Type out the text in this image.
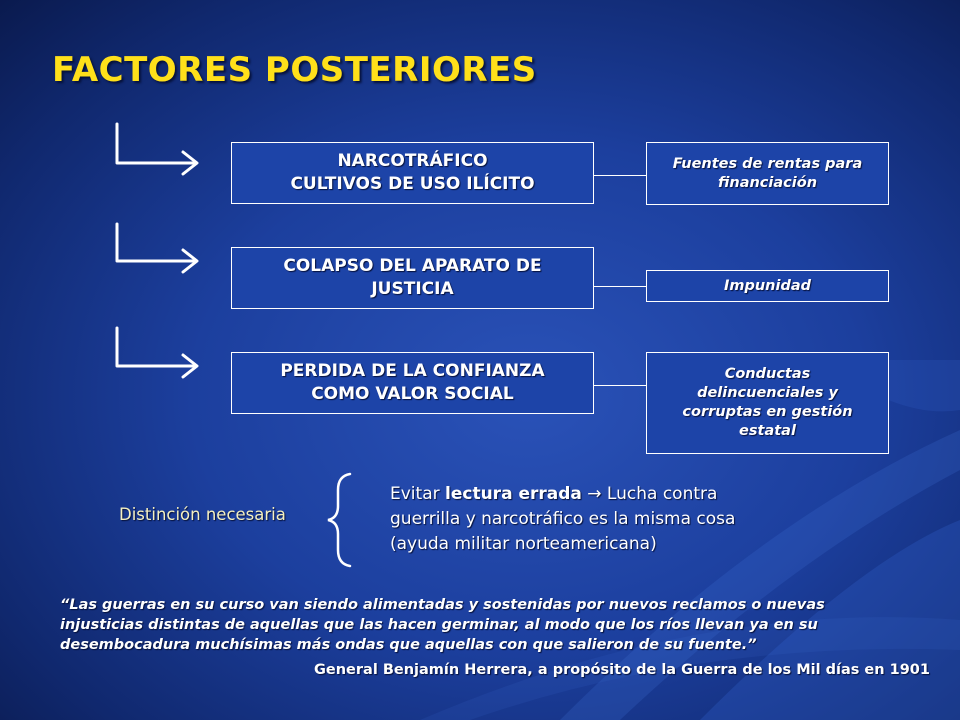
FACTORES POSTERIORES
NARCOTRÁFICO
CULTIVOS DE USO ILÍCITO
Fuentes de rentas para
financiación
COLAPSO DEL APARATO DE
JUSTICIA	Impunidad
PERDIDA DE LA CONFIANZA
COMO VALOR SOCIAL
Conductas
delincuenciales y
corruptas en gestión
estatal
Distinción necesaria
Evitar lectura errada → Lucha contra
guerrilla y narcotráfico es la misma cosa
(ayuda militar norteamericana)
“Las guerras en su curso van siendo alimentadas y sostenidas por nuevos reclamos o nuevas
injusticias distintas de aquellas que las hacen germinar, al modo que los ríos llevan ya en su
desembocadura muchísimas más ondas que aquellas con que salieron de su fuente.”
General Benjamín Herrera, a propósito de la Guerra de los Mil días en 1901
